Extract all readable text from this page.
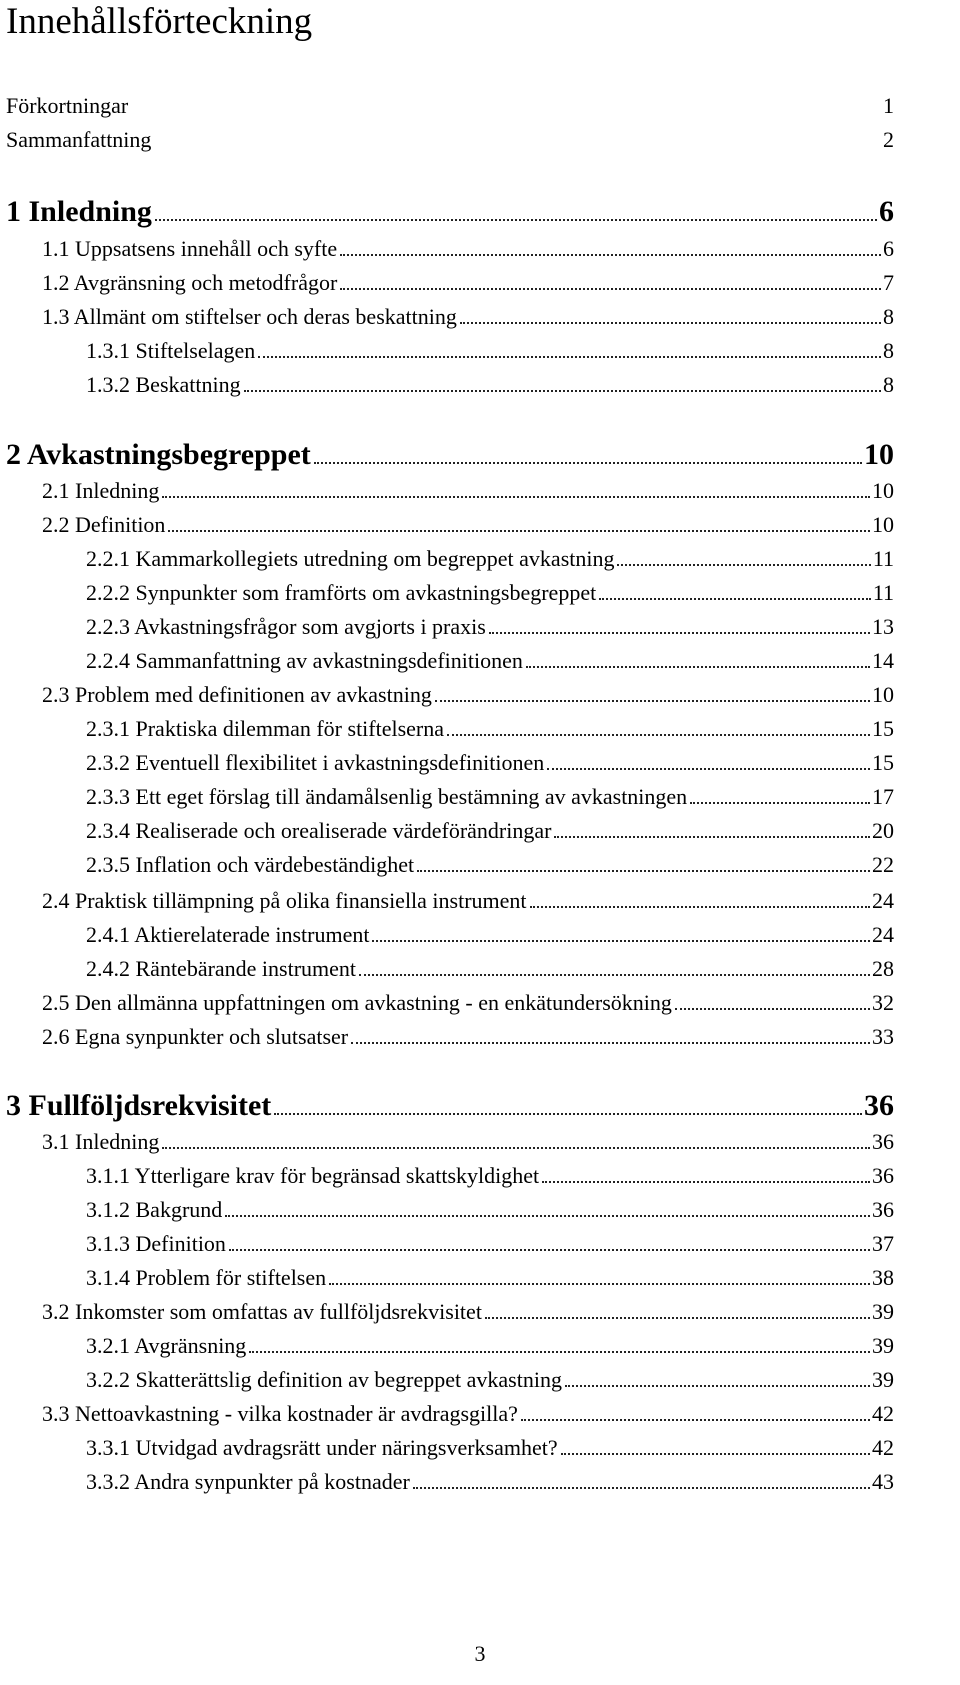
Innehållsförteckning
Förkortningar	1
Sammanfattning	2
1 Inledning	6
1.1 Uppsatsens innehåll och syfte	6
1.2 Avgränsning och metodfrågor	7
1.3 Allmänt om stiftelser och deras beskattning	8
1.3.1 Stiftelselagen	8
1.3.2 Beskattning	8
2 Avkastningsbegreppet	10
2.1 Inledning	10
2.2 Definition	10
2.2.1 Kammarkollegiets utredning om begreppet avkastning	11
2.2.2 Synpunkter som framförts om avkastningsbegreppet	11
2.2.3 Avkastningsfrågor som avgjorts i praxis	13
2.2.4 Sammanfattning av avkastningsdefinitionen	14
2.3 Problem med definitionen av avkastning	10
2.3.1 Praktiska dilemman för stiftelserna	15
2.3.2 Eventuell flexibilitet i avkastningsdefinitionen	15
2.3.3 Ett eget förslag till ändamålsenlig bestämning av avkastningen	17
2.3.4 Realiserade och orealiserade värdeförändringar	20
2.3.5 Inflation och värdebeständighet	22
2.4 Praktisk tillämpning på olika finansiella instrument	24
2.4.1 Aktierelaterade instrument	24
2.4.2 Räntebärande instrument	28
2.5 Den allmänna uppfattningen om avkastning - en enkätundersökning	32
2.6 Egna synpunkter och slutsatser	33
3 Fullföljdsrekvisitet	36
3.1 Inledning	36
3.1.1 Ytterligare krav för begränsad skattskyldighet	36
3.1.2 Bakgrund	36
3.1.3 Definition	37
3.1.4 Problem för stiftelsen	38
3.2 Inkomster som omfattas av fullföljdsrekvisitet	39
3.2.1 Avgränsning	39
3.2.2 Skatterättslig definition av begreppet avkastning	39
3.3 Nettoavkastning - vilka kostnader är avdragsgilla?	42
3.3.1 Utvidgad avdragsrätt under näringsverksamhet?	42
3.3.2 Andra synpunkter på kostnader	43
3
